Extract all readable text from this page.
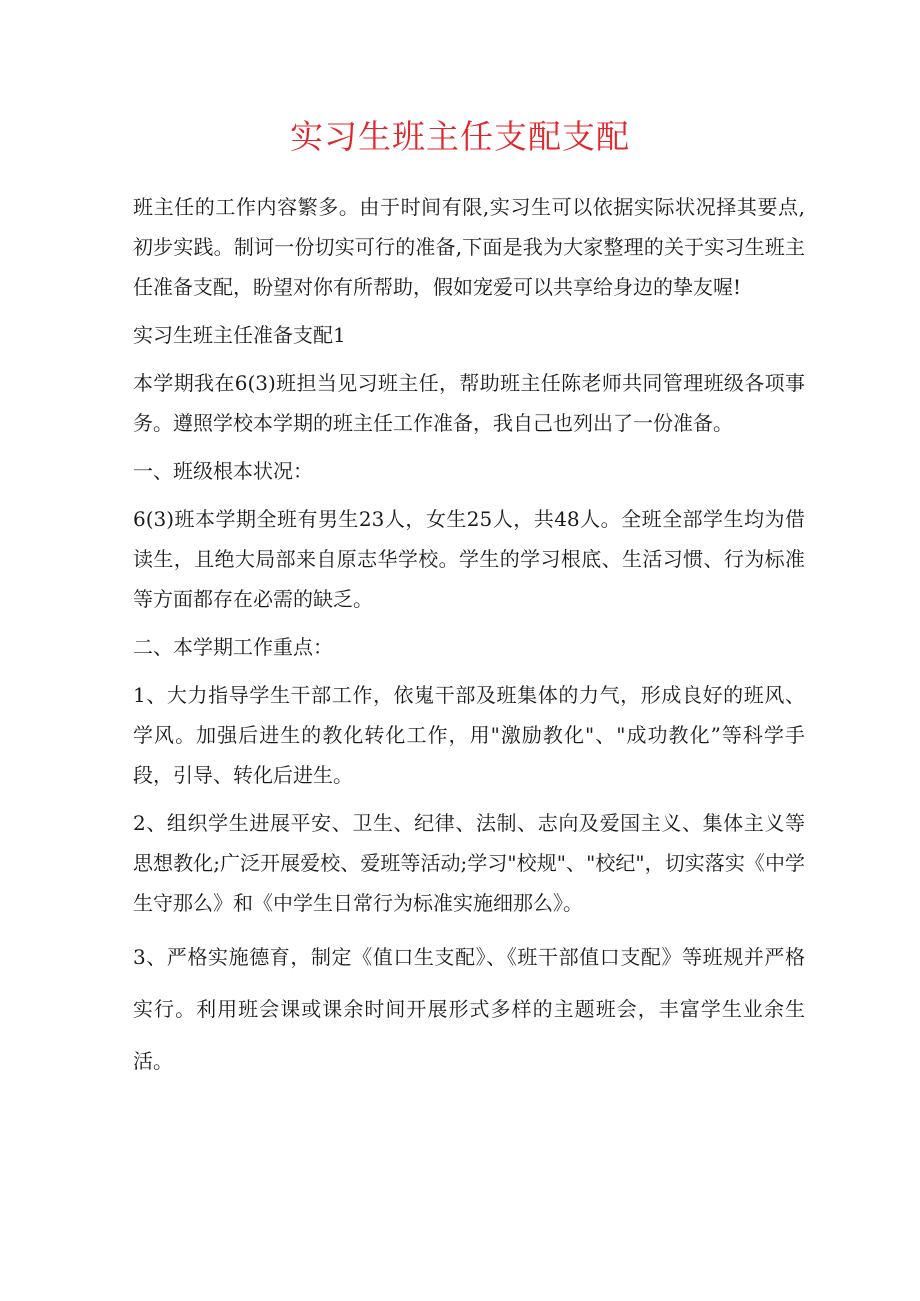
实习生班主任支配支配

班主任的工作内容繁多。由于时间有限,实习生可以依据实际状况择其要点,初步实践。制诃一份切实可行的准备,下面是我为大家整理的关于实习生班主任准备支配，盼望对你有所帮助，假如宠爱可以共享给身边的挚友喔!

实习生班主任准备支配1

本学期我在6(3)班担当见习班主任，帮助班主任陈老师共同管理班级各项事务。遵照学校本学期的班主任工作准备，我自己也列出了一份准备。

一、班级根本状况：

6(3)班本学期全班有男生23人，女生25人，共48人。全班全部学生均为借读生，且绝大局部来自原志华学校。学生的学习根底、生活习惯、行为标准等方面都存在必需的缺乏。

二、本学期工作重点：

1、大力指导学生干部工作，依嵬干部及班集体的力气，形成良好的班风、学风。加强后进生的教化转化工作，用"激励教化"、"成功教化”等科学手段，引导、转化后进生。

2、组织学生进展平安、卫生、纪律、法制、志向及爱国主义、集体主义等思想教化;广泛开展爱校、爱班等活动;学习"校规"、"校纪"，切实落实《中学生守那么》和《中学生日常行为标准实施细那么》。

3、严格实施德育，制定《值口生支配》、《班干部值口支配》等班规并严格实行。利用班会课或课余时间开展形式多样的主题班会，丰富学生业余生活。
